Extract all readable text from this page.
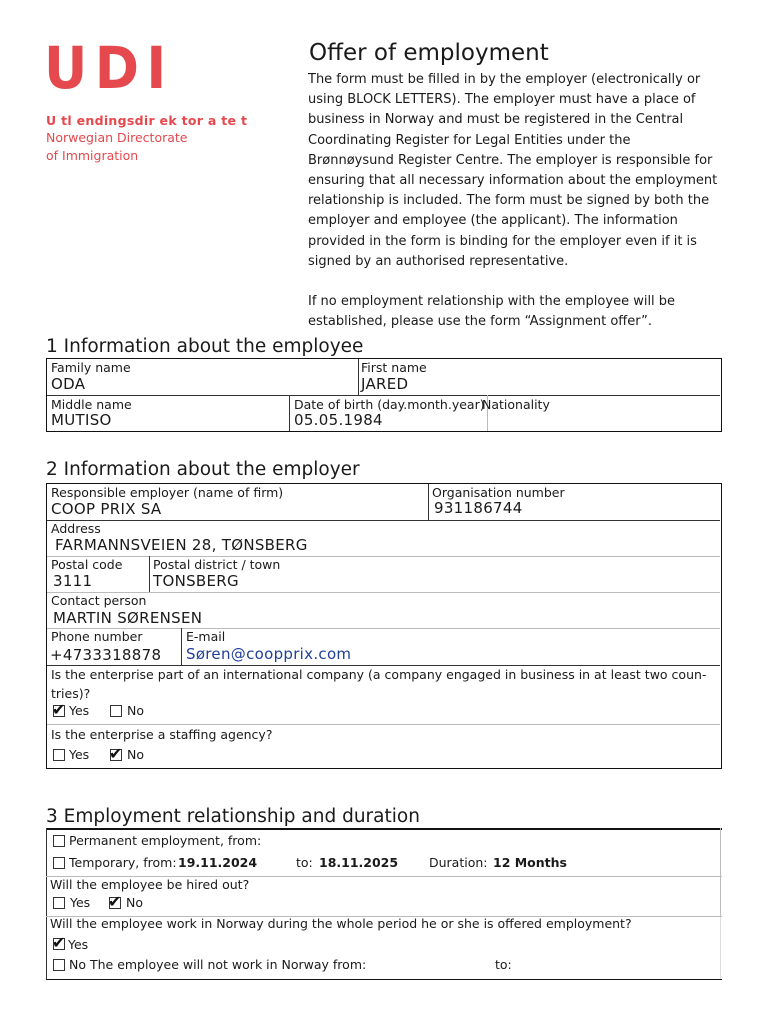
UDI
U tl endingsdir ek tor a te t
Norwegian Directorate
of Immigration
Offer of employment

The form must be filled in by the employer (electronically or using BLOCK LETTERS). The employer must have a place of business in Norway and must be registered in the Central Coordinating Register for Legal Entities under the Brønnøysund Register Centre. The employer is responsible for ensuring that all necessary information about the employment relationship is included. The form must be signed by both the employer and employee (the applicant). The information provided in the form is binding for the employer even if it is signed by an authorised representative.

If no employment relationship with the employee will be established, please use the form “Assignment offer”.

1 Information about the employee
Family name
ODA
First name
JARED
Middle name
MUTISO
Date of birth (day.month.year)
05.05.1984
Nationality
2 Information about the employer
Responsible employer (name of firm)
COOP PRIX SA
Organisation number
931186744
Address
FARMANNSVEIEN 28, TØNSBERG
Postal code
3111
Postal district / town
TONSBERG
Contact person
MARTIN SØRENSEN
Phone number
+4733318878
E-mail
Søren@coopprix.com
Is the enterprise part of an international company (a company engaged in business in at least two coun-
tries)?
✔ Yes	No
Is the enterprise a staffing agency?
Yes ✔ No
3 Employment relationship and duration
Permanent employment, from:
Temporary, from: 19.11.2024	to: 18.11.2025 Duration: 12 Months
Will the employee be hired out?
Yes ✔ No
Will the employee work in Norway during the whole period he or she is offered employment?
✔ Yes
No The employee will not work in Norway from:	to:
